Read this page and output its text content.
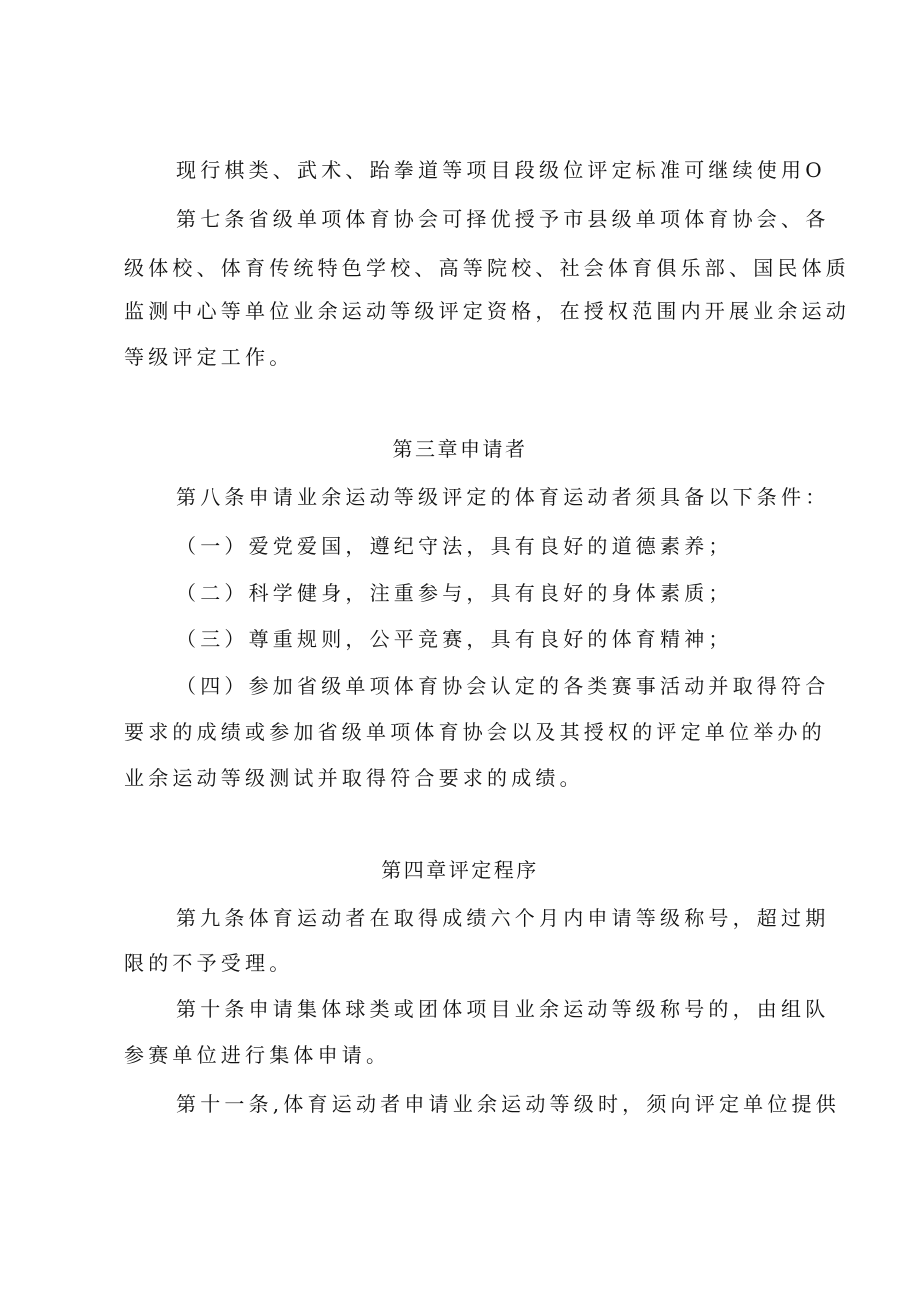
现行棋类、武术、跆拳道等项目段级位评定标准可继续使用O
第七条省级单项体育协会可择优授予市县级单项体育协会、各
级体校、体育传统特色学校、高等院校、社会体育俱乐部、国民体质
监测中心等单位业余运动等级评定资格，在授权范围内开展业余运动
等级评定工作。
第三章申请者
第八条申请业余运动等级评定的体育运动者须具备以下条件：
（一）爱党爱国，遵纪守法，具有良好的道德素养；
（二）科学健身，注重参与，具有良好的身体素质；
（三）尊重规则，公平竞赛，具有良好的体育精神；
（四）参加省级单项体育协会认定的各类赛事活动并取得符合
要求的成绩或参加省级单项体育协会以及其授权的评定单位举办的
业余运动等级测试并取得符合要求的成绩。
第四章评定程序
第九条体育运动者在取得成绩六个月内申请等级称号，超过期
限的不予受理。
第十条申请集体球类或团体项目业余运动等级称号的，由组队
参赛单位进行集体申请。
第十一条,体育运动者申请业余运动等级时，须向评定单位提供
